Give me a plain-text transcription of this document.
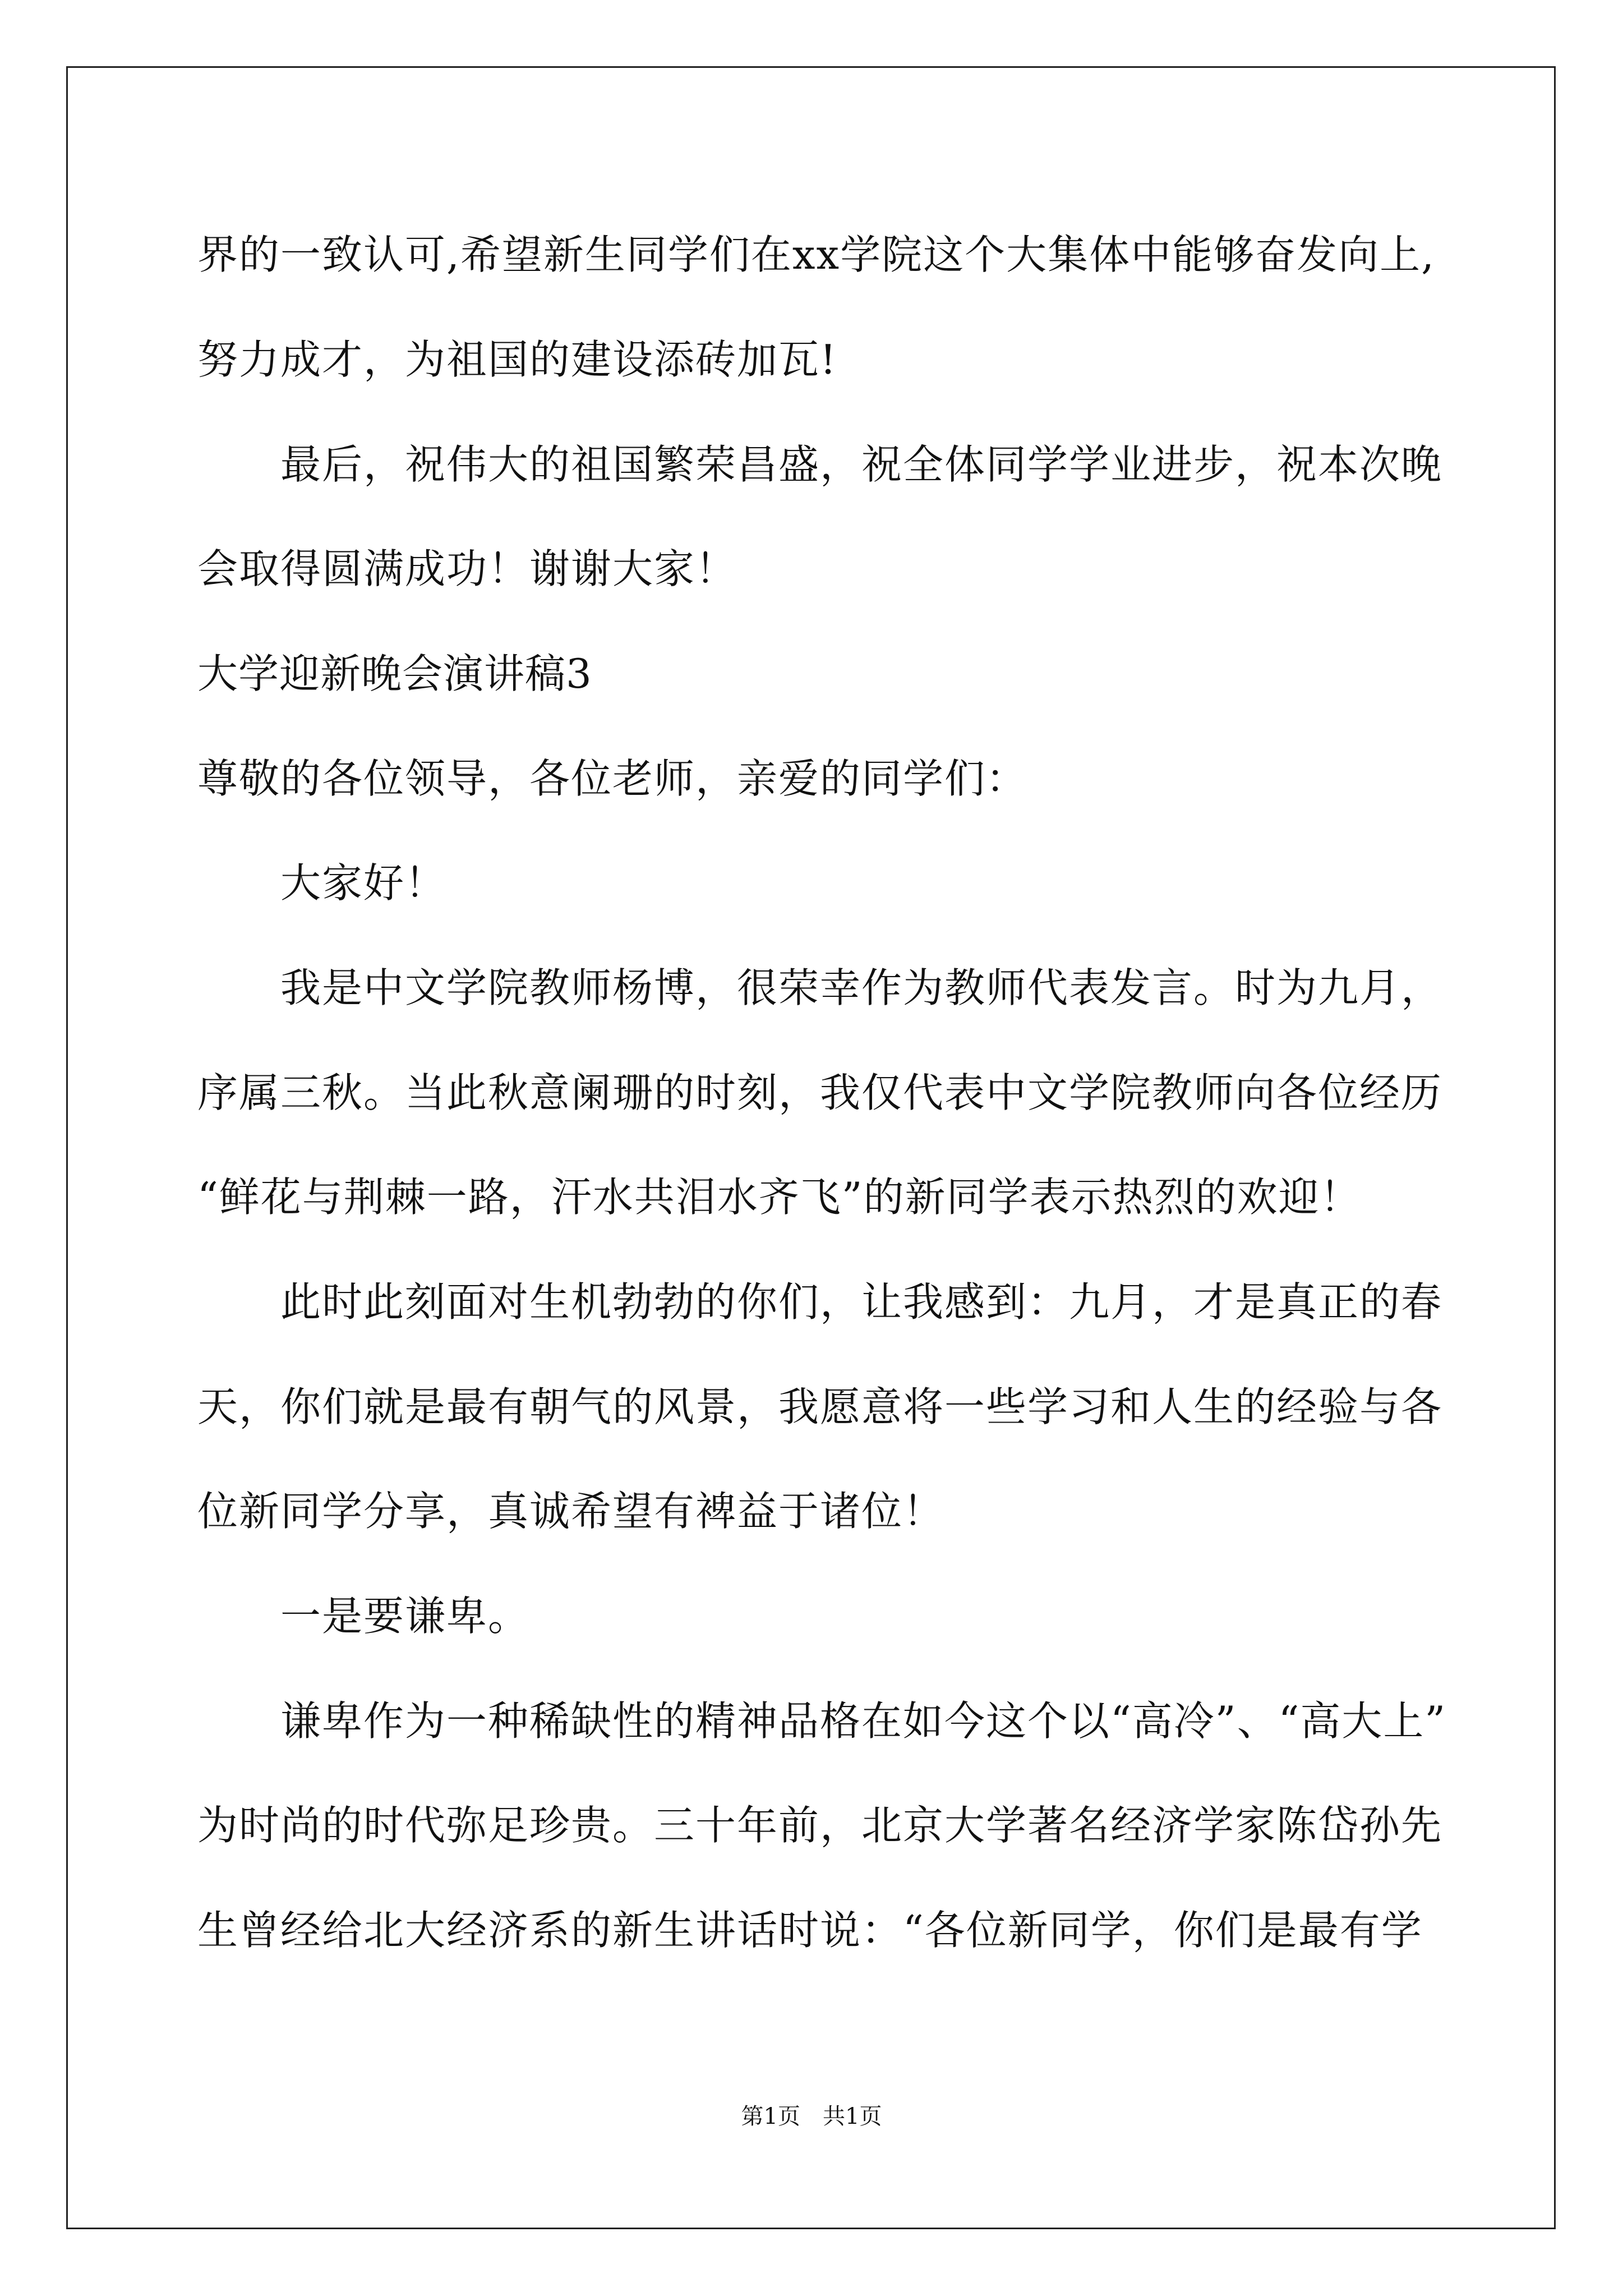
界的一致认可,希望新生同学们在xx学院这个大集体中能够奋发向上,
努力成才，为祖国的建设添砖加瓦!
最后，祝伟大的祖国繁荣昌盛，祝全体同学学业进步，祝本次晚
会取得圆满成功！谢谢大家！
大学迎新晚会演讲稿3
尊敬的各位领导，各位老师，亲爱的同学们：
大家好！
我是中文学院教师杨博，很荣幸作为教师代表发言。时为九月，
序属三秋。当此秋意阑珊的时刻，我仅代表中文学院教师向各位经历
“鲜花与荆棘一路，汗水共泪水齐飞”的新同学表示热烈的欢迎！
此时此刻面对生机勃勃的你们，让我感到：九月，才是真正的春
天，你们就是最有朝气的风景，我愿意将一些学习和人生的经验与各
位新同学分享，真诚希望有裨益于诸位！
一是要谦卑。
谦卑作为一种稀缺性的精神品格在如今这个以“高冷”、“高大上”
为时尚的时代弥足珍贵。三十年前，北京大学著名经济学家陈岱孙先
生曾经给北大经济系的新生讲话时说：“各位新同学，你们是最有学
第1页　共1页
